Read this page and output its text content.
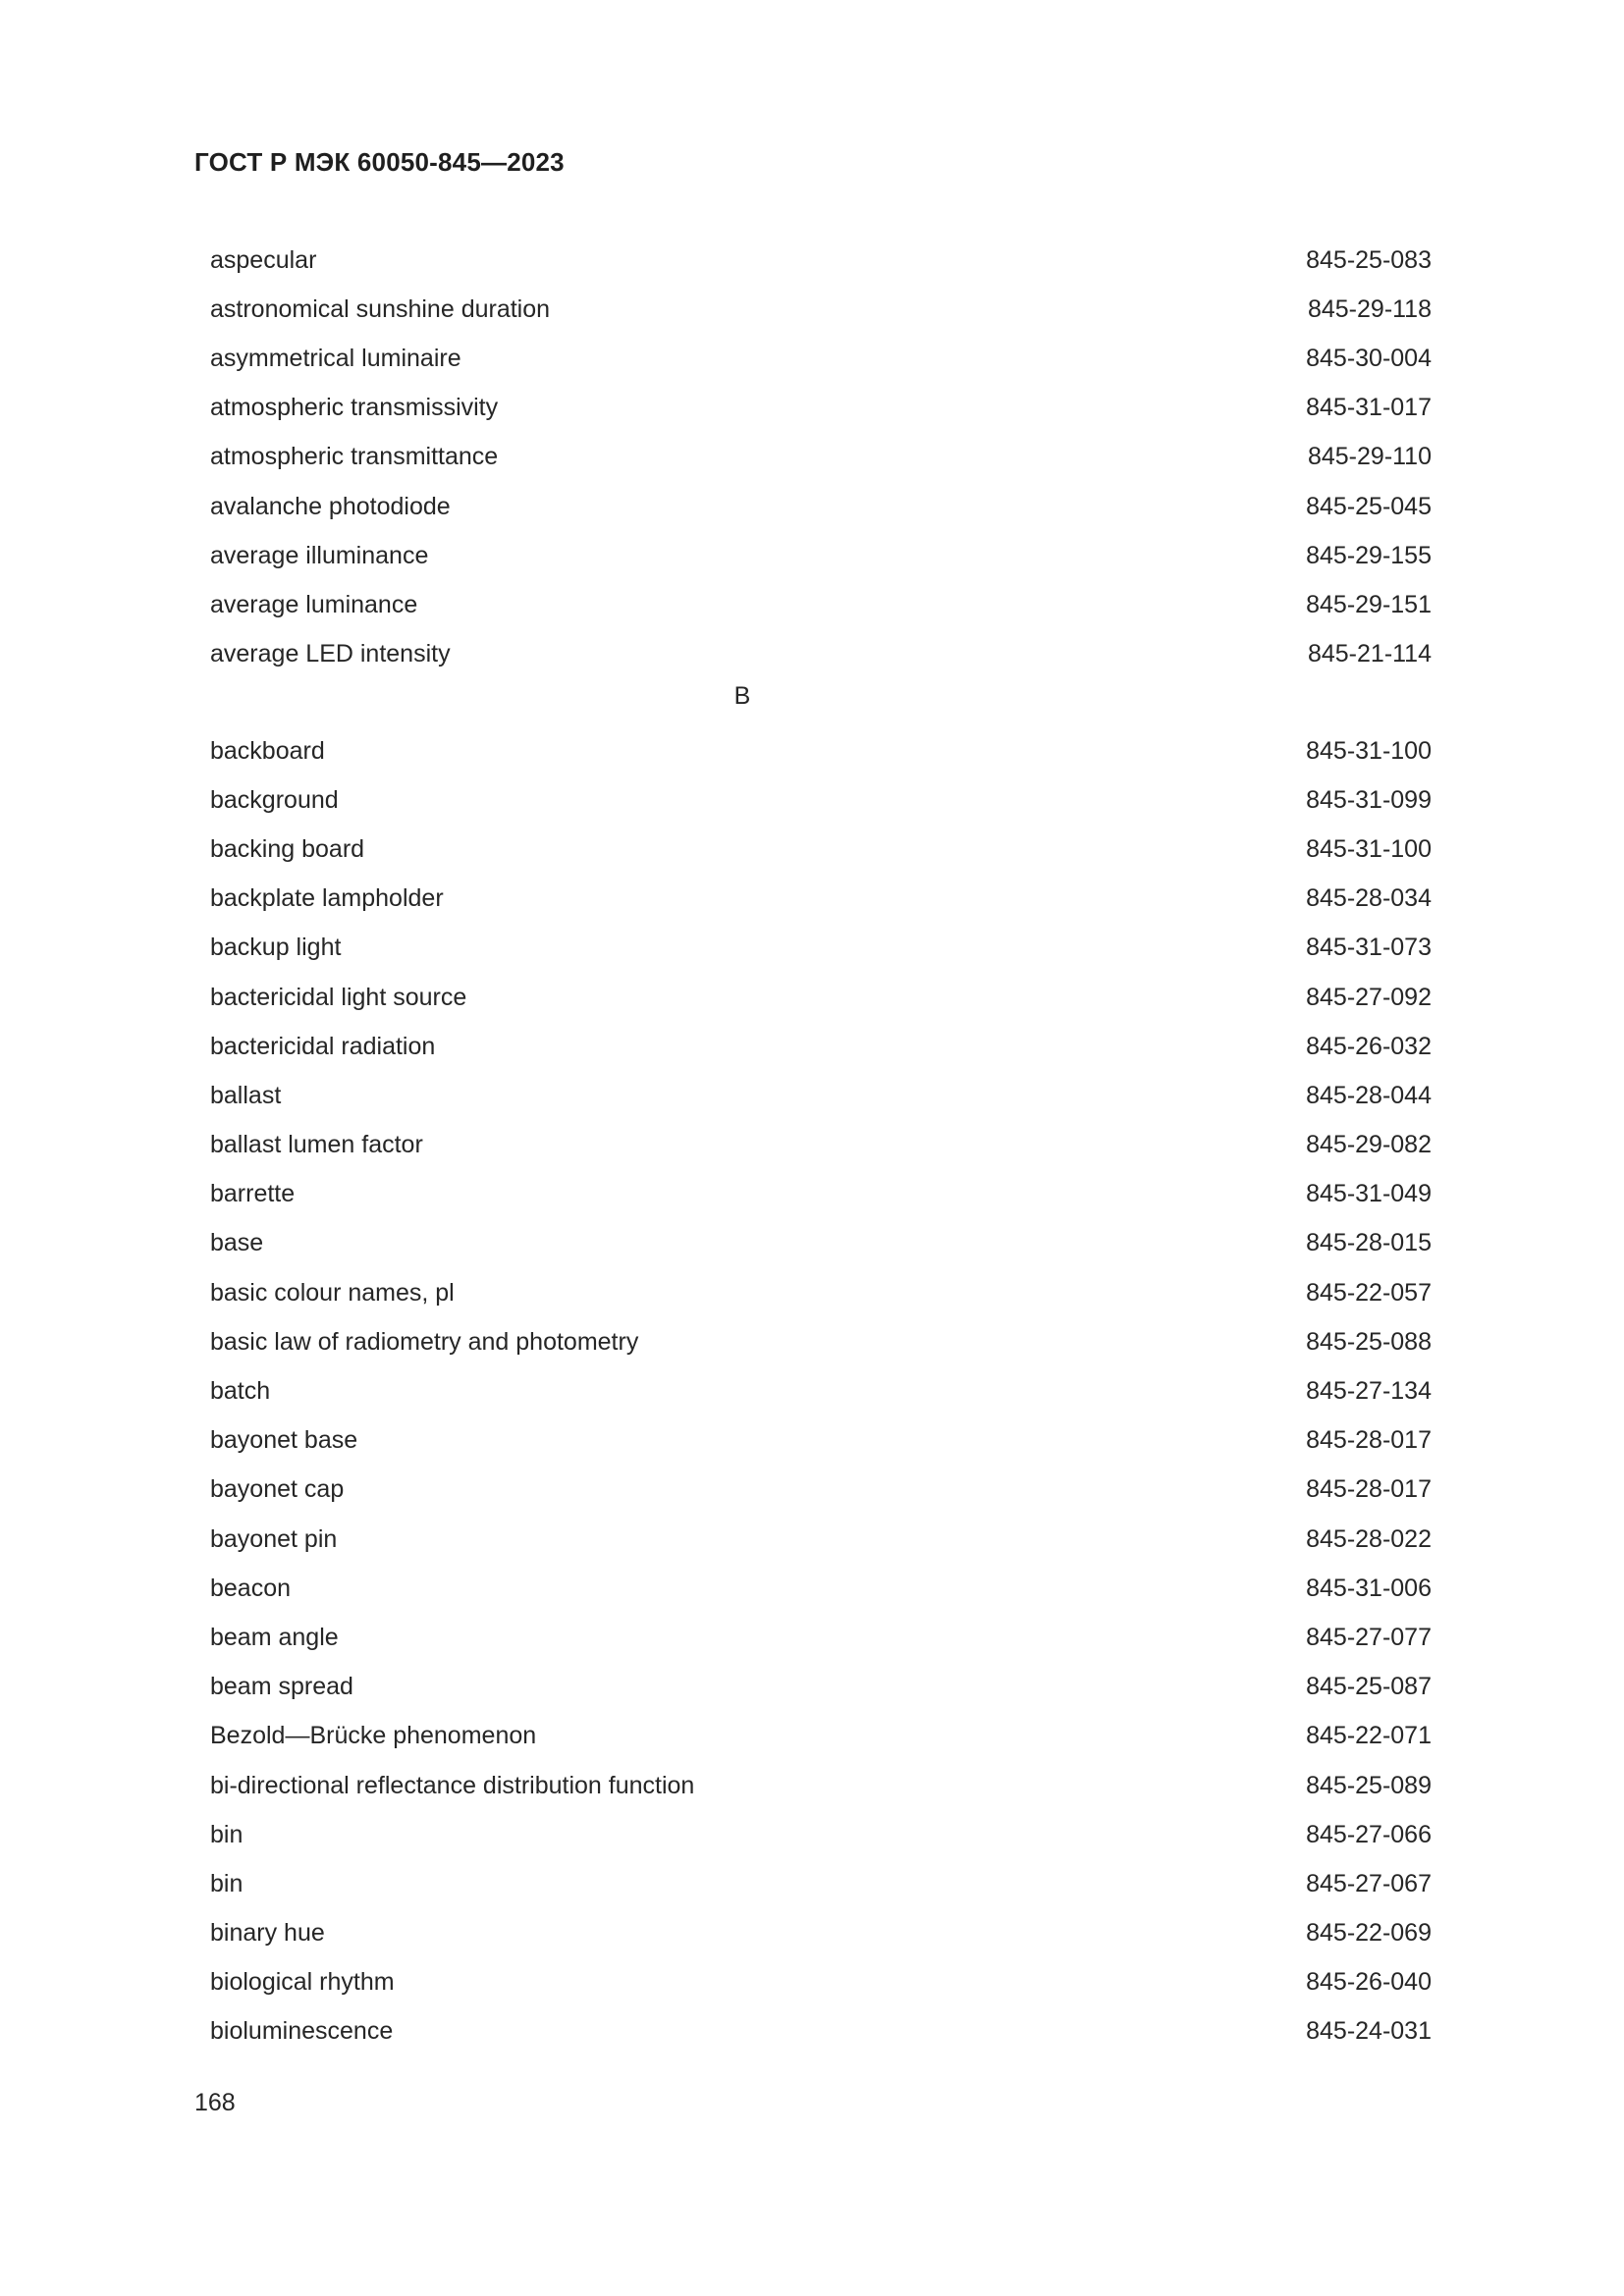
ГОСТ Р МЭК 60050-845—2023
aspecular	845-25-083
astronomical sunshine duration	845-29-118
asymmetrical luminaire	845-30-004
atmospheric transmissivity	845-31-017
atmospheric transmittance	845-29-110
avalanche photodiode	845-25-045
average illuminance	845-29-155
average luminance	845-29-151
average LED intensity	845-21-114
B
backboard	845-31-100
background	845-31-099
backing board	845-31-100
backplate lampholder	845-28-034
backup light	845-31-073
bactericidal light source	845-27-092
bactericidal radiation	845-26-032
ballast	845-28-044
ballast lumen factor	845-29-082
barrette	845-31-049
base	845-28-015
basic colour names, pl	845-22-057
basic law of radiometry and photometry	845-25-088
batch	845-27-134
bayonet base	845-28-017
bayonet cap	845-28-017
bayonet pin	845-28-022
beacon	845-31-006
beam angle	845-27-077
beam spread	845-25-087
Bezold—Brücke phenomenon	845-22-071
bi-directional reflectance distribution function	845-25-089
bin	845-27-066
bin	845-27-067
binary hue	845-22-069
biological rhythm	845-26-040
bioluminescence	845-24-031
168
